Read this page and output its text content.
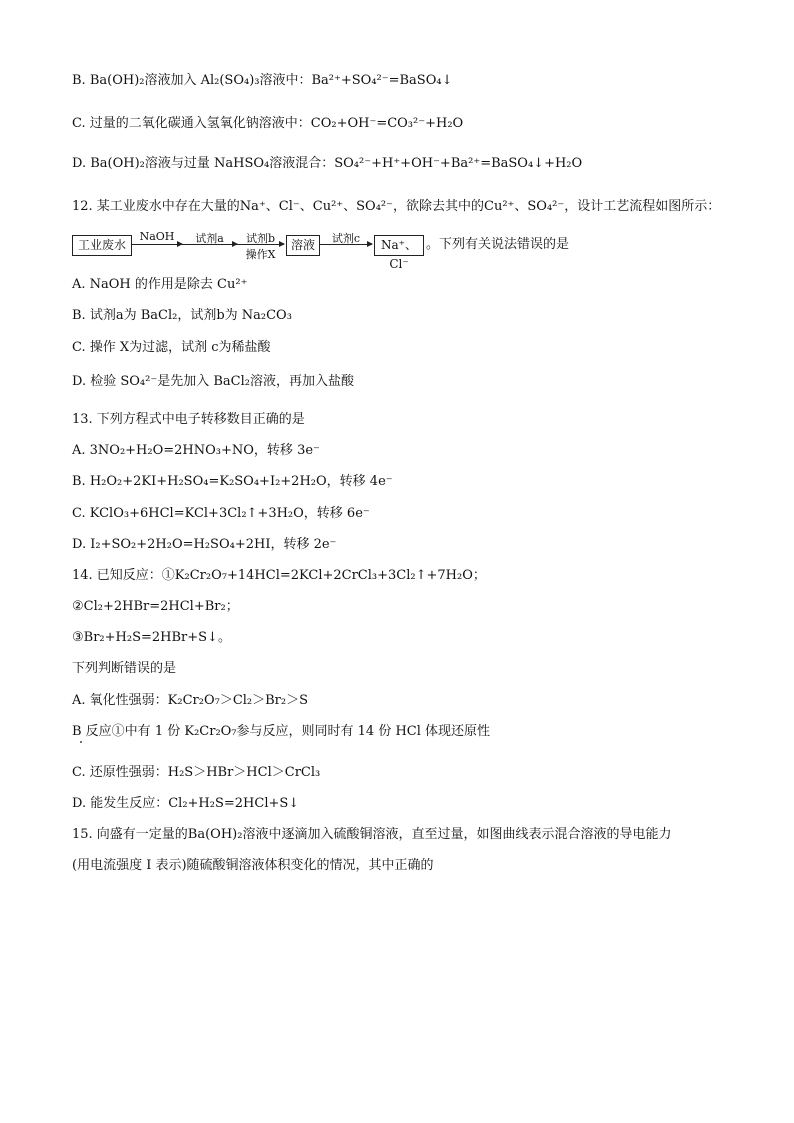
B. Ba(OH)₂溶液加入 Al₂(SO₄)₃溶液中：Ba²⁺+SO₄²⁻=BaSO₄↓
C. 过量的二氧化碳通入氢氧化钠溶液中：CO₂+OH⁻=CO₃²⁻+H₂O
D. Ba(OH)₂溶液与过量 NaHSO₄溶液混合：SO₄²⁻+H⁺+OH⁻+Ba²⁺=BaSO₄↓+H₂O
12. 某工业废水中存在大量的Na⁺、Cl⁻、Cu²⁺、SO₄²⁻，欲除去其中的Cu²⁺、SO₄²⁻，设计工艺流程如图所示：
工业废水
NaOH	试剂a	试剂b
操作X
溶液	试剂c	Na⁺、Cl⁻
。下列有关说法错误的是
A. NaOH 的作用是除去 Cu²⁺
B. 试剂a为 BaCl₂，试剂b为 Na₂CO₃
C. 操作 X为过滤，试剂 c为稀盐酸
D. 检验 SO₄²⁻是先加入 BaCl₂溶液，再加入盐酸
13. 下列方程式中电子转移数目正确的是
A. 3NO₂+H₂O=2HNO₃+NO，转移 3e⁻
B. H₂O₂+2KI+H₂SO₄=K₂SO₄+I₂+2H₂O，转移 4e⁻
C. KClO₃+6HCl=KCl+3Cl₂↑+3H₂O，转移 6e⁻
D. I₂+SO₂+2H₂O=H₂SO₄+2HI，转移 2e⁻
14. 已知反应：①K₂Cr₂O₇+14HCl=2KCl+2CrCl₃+3Cl₂↑+7H₂O；
②Cl₂+2HBr=2HCl+Br₂；
③Br₂+H₂S=2HBr+S↓。
下列判断错误的是
A. 氧化性强弱：K₂Cr₂O₇＞Cl₂＞Br₂＞S
B 反应①中有 1 份 K₂Cr₂O₇参与反应，则同时有 14 份 HCl 体现还原性
C. 还原性强弱：H₂S＞HBr＞HCl＞CrCl₃
D. 能发生反应：Cl₂+H₂S=2HCl+S↓
15. 向盛有一定量的Ba(OH)₂溶液中逐滴加入硫酸铜溶液，直至过量，如图曲线表示混合溶液的导电能力
(用电流强度 I 表示)随硫酸铜溶液体积变化的情况，其中正确的
